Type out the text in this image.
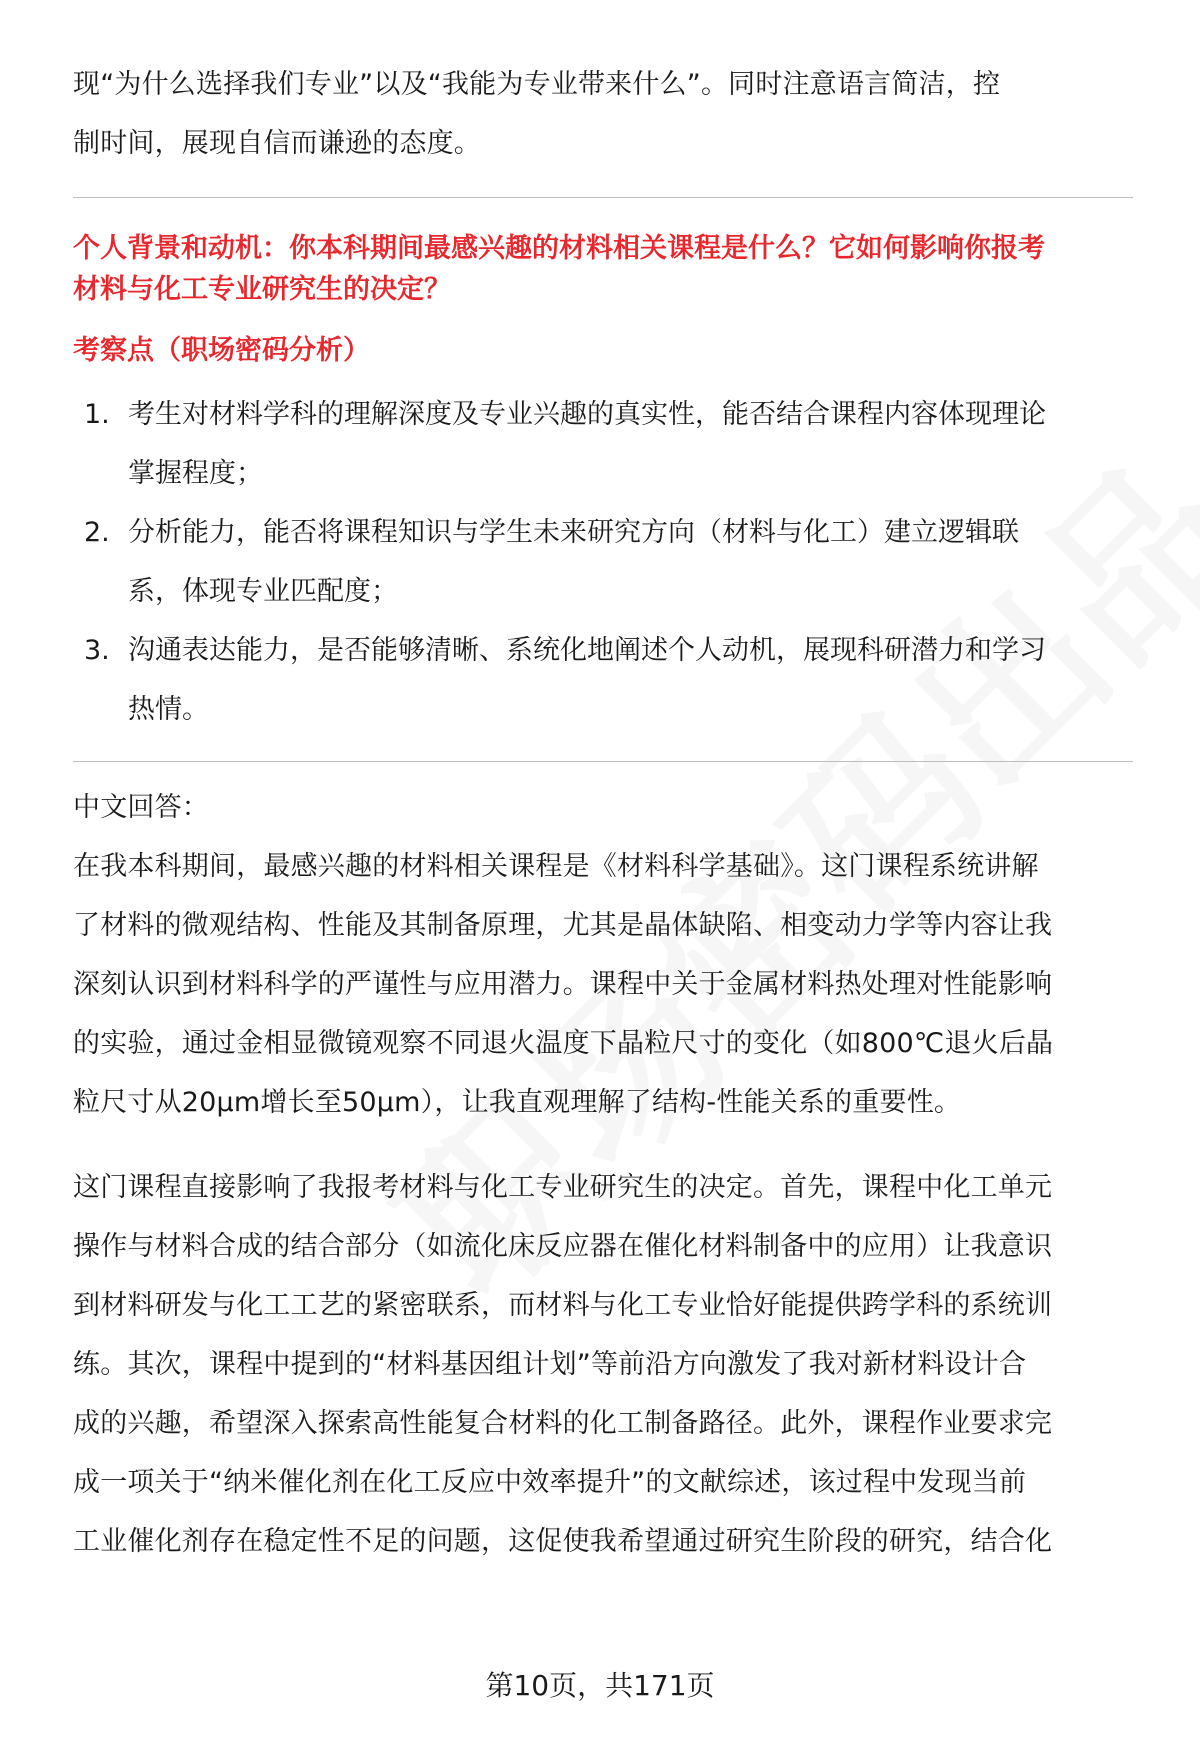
现“为什么选择我们专业”以及“我能为专业带来什么”。同时注意语言简洁，控

制时间，展现自信而谦逊的态度。

个人背景和动机：你本科期间最感兴趣的材料相关课程是什么？它如何影响你报考

材料与化工专业研究生的决定？

考察点（职场密码分析）

1. 考生对材料学科的理解深度及专业兴趣的真实性，能否结合课程内容体现理论
掌握程度；
2. 分析能力，能否将课程知识与学生未来研究方向（材料与化工）建立逻辑联
系，体现专业匹配度；
3. 沟通表达能力，是否能够清晰、系统化地阐述个人动机，展现科研潜力和学习
热情。

中文回答：

在我本科期间，最感兴趣的材料相关课程是《材料科学基础》。这门课程系统讲解

了材料的微观结构、性能及其制备原理，尤其是晶体缺陷、相变动力学等内容让我

深刻认识到材料科学的严谨性与应用潜力。课程中关于金属材料热处理对性能影响

的实验，通过金相显微镜观察不同退火温度下晶粒尺寸的变化（如800℃退火后晶

粒尺寸从20μm增长至50μm），让我直观理解了结构-性能关系的重要性。

这门课程直接影响了我报考材料与化工专业研究生的决定。首先，课程中化工单元

操作与材料合成的结合部分（如流化床反应器在催化材料制备中的应用）让我意识

到材料研发与化工工艺的紧密联系，而材料与化工专业恰好能提供跨学科的系统训

练。其次，课程中提到的“材料基因组计划”等前沿方向激发了我对新材料设计合

成的兴趣，希望深入探索高性能复合材料的化工制备路径。此外，课程作业要求完

成一项关于“纳米催化剂在化工反应中效率提升”的文献综述，该过程中发现当前

工业催化剂存在稳定性不足的问题，这促使我希望通过研究生阶段的研究，结合化

第10页，共171页
